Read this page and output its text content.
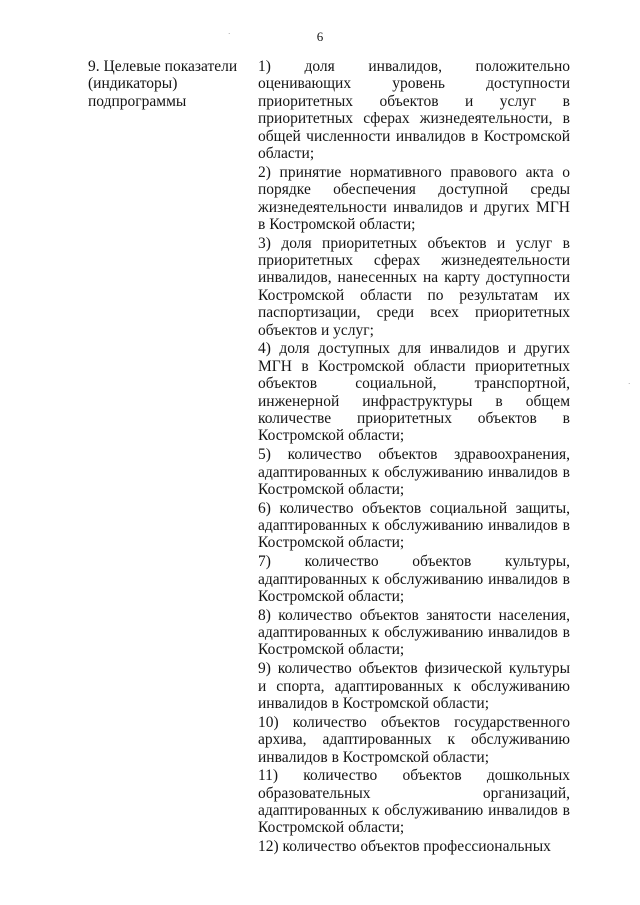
6
9. Целевые показатели (индикаторы) подпрограммы

1) доля инвалидов, положительно оценивающих уровень доступности приоритетных объектов и услуг в приоритетных сферах жизнедеятельности, в общей численности инвалидов в Костромской области;

2) принятие нормативного правового акта о порядке обеспечения доступной среды жизнедеятельности инвалидов и других МГН в Костромской области;

3) доля приоритетных объектов и услуг в приоритетных сферах жизнедеятельности инвалидов, нанесенных на карту доступности Костромской области по результатам их паспортизации, среди всех приоритетных объектов и услуг;

4) доля доступных для инвалидов и других МГН в Костромской области приоритетных объектов социальной, транспортной, инженерной инфраструктуры в общем количестве приоритетных объектов в Костромской области;

5) количество объектов здравоохранения, адаптированных к обслуживанию инвалидов в Костромской области;

6) количество объектов социальной защиты, адаптированных к обслуживанию инвалидов в Костромской области;

7) количество объектов культуры, адаптированных к обслуживанию инвалидов в Костромской области;

8) количество объектов занятости населения, адаптированных к обслуживанию инвалидов в Костромской области;

9) количество объектов физической культуры и спорта, адаптированных к обслуживанию инвалидов в Костромской области;

10) количество объектов государственного архива, адаптированных к обслуживанию инвалидов в Костромской области;

11) количество объектов дошкольных образовательных организаций, адаптированных к обслуживанию инвалидов в Костромской области;

12) количество объектов профессиональных

·
·
